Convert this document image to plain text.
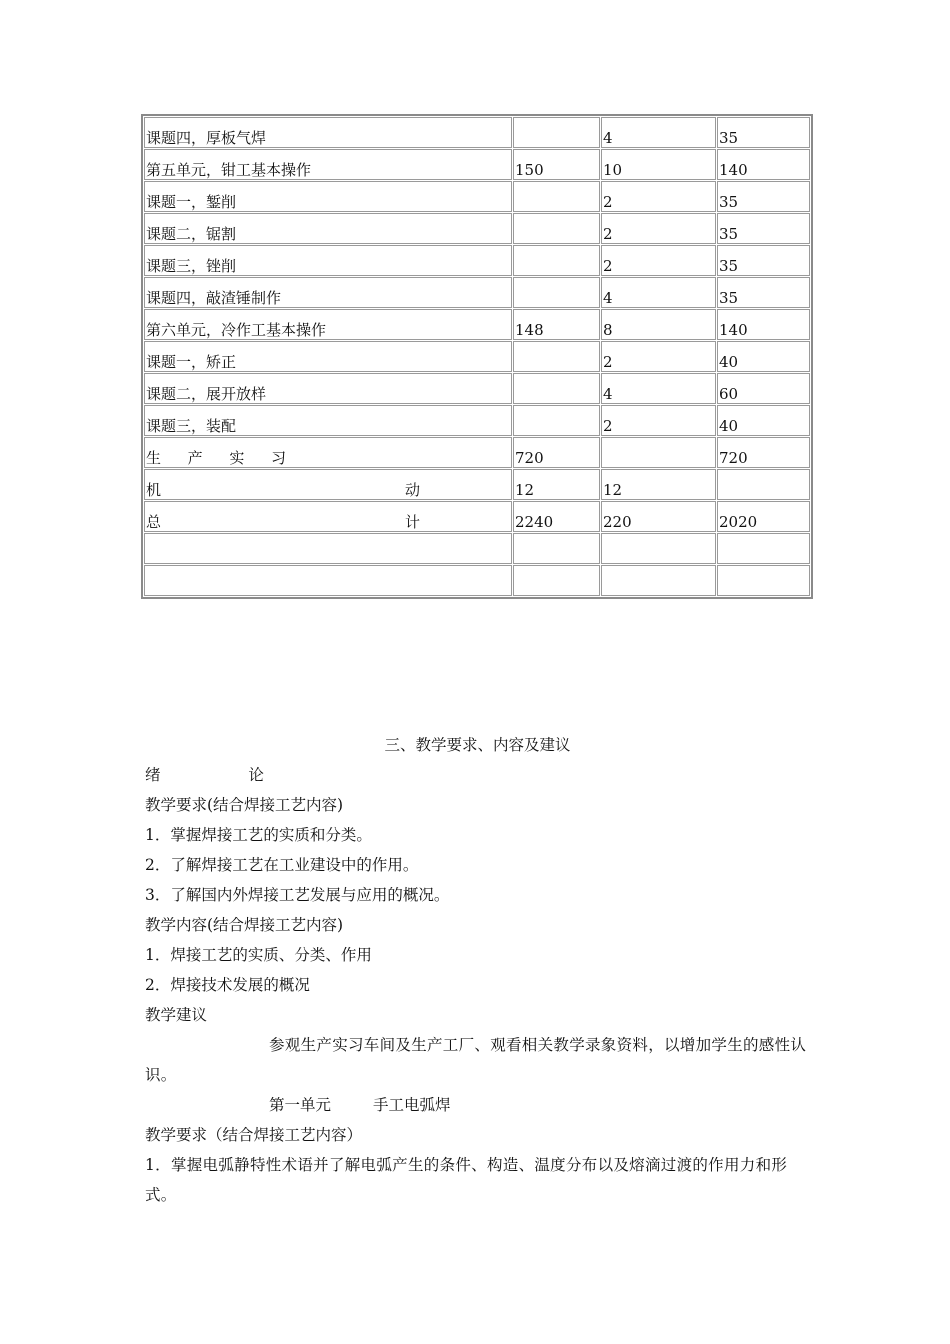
课题四，厚板气焊		4	35
第五单元，钳工基本操作	150	10	140
课题一，錾削		2	35
课题二，锯割		2	35
课题三，锉削		2	35
课题四，敲渣锤制作		4	35
第六单元，冷作工基本操作	148	8	140
课题一，矫正		2	40
课题二，展开放样		4	60
课题三，装配		2	40

生 产 实 习	720		720

机 动	12	12	

总 计	2240	220	2020

三、教学要求、内容及建议
绪	论
教学要求(结合焊接工艺内容)
1．掌握焊接工艺的实质和分类。
2．了解焊接工艺在工业建设中的作用。
3．了解国内外焊接工艺发展与应用的概况。
教学内容(结合焊接工艺内容)
1．焊接工艺的实质、分类、作用
2．焊接技术发展的概况
教学建议
参观生产实习车间及生产工厂、观看相关教学录象资料，以增加学生的感性认识。
第一单元	手工电弧焊
教学要求（结合焊接工艺内容）
1．掌握电弧静特性术语并了解电弧产生的条件、构造、温度分布以及熔滴过渡的作用力和形式。
